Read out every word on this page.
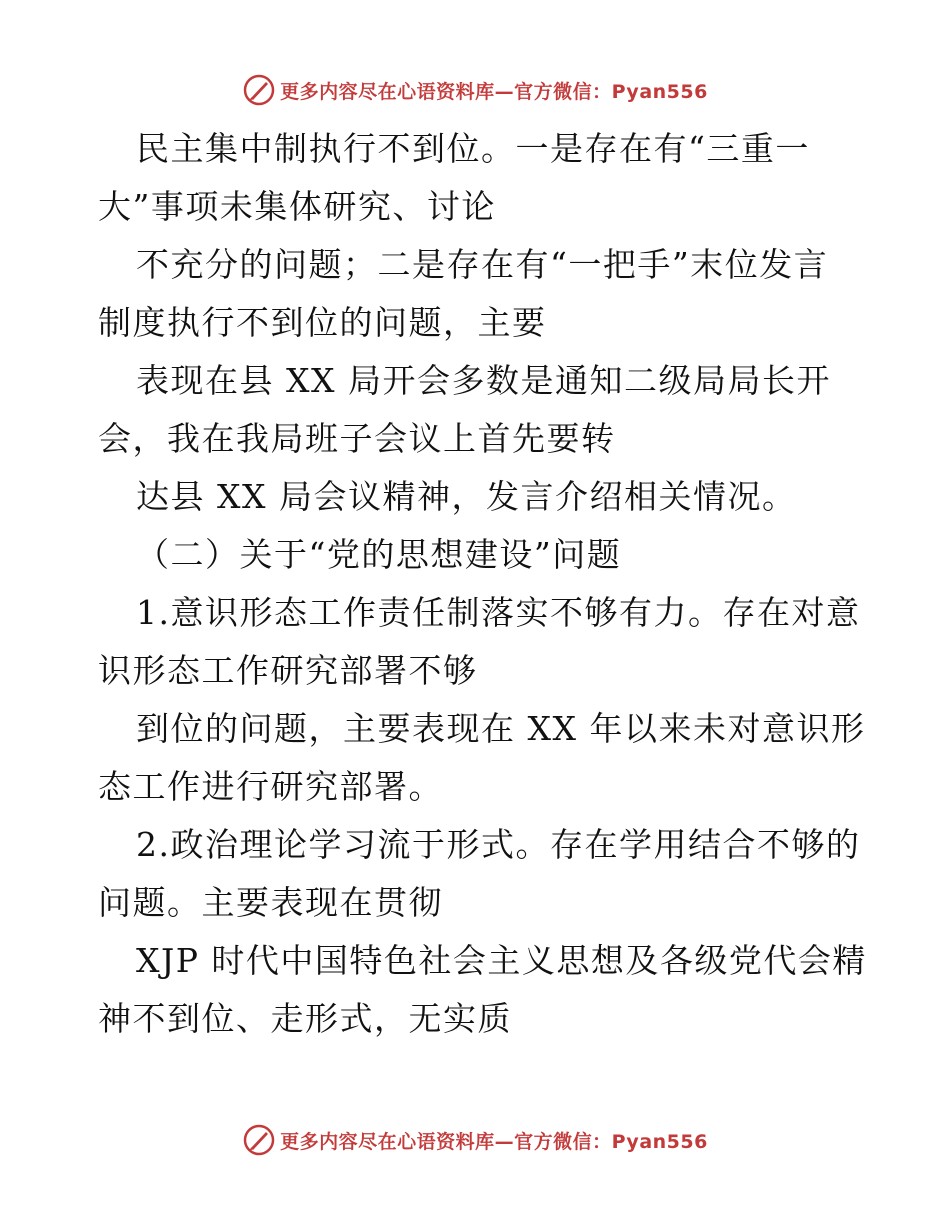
更多内容尽在心语资料库—官方微信：Pyan556
民主集中制执行不到位。一是存在有“三重一
大”事项未集体研究、讨论
不充分的问题；二是存在有“一把手”末位发言
制度执行不到位的问题，主要
表现在县 XX 局开会多数是通知二级局局长开
会，我在我局班子会议上首先要转
达县 XX 局会议精神，发言介绍相关情况。
（二）关于“党的思想建设”问题
1.意识形态工作责任制落实不够有力。存在对意
识形态工作研究部署不够
到位的问题，主要表现在 XX 年以来未对意识形
态工作进行研究部署。
2.政治理论学习流于形式。存在学用结合不够的
问题。主要表现在贯彻
XJP 时代中国特色社会主义思想及各级党代会精
神不到位、走形式，无实质
更多内容尽在心语资料库—官方微信：Pyan556
